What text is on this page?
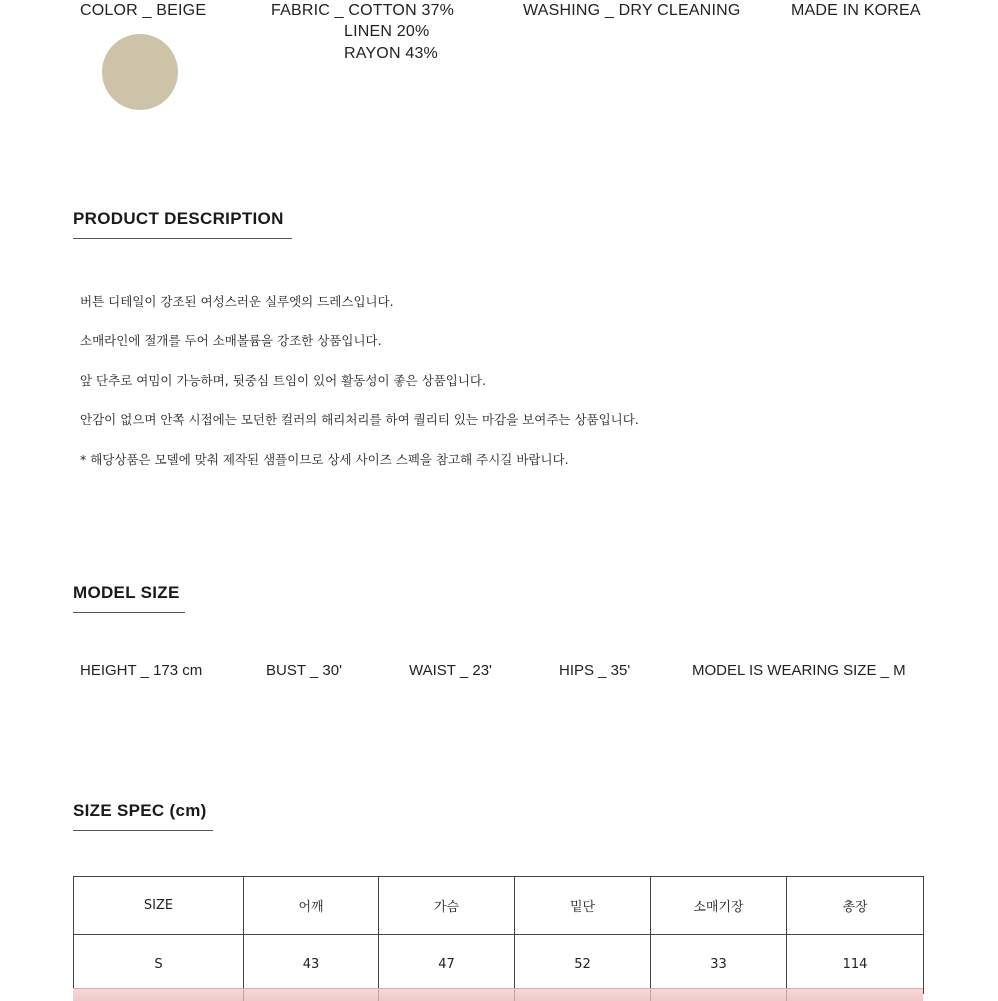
COLOR _ BEIGE	FABRIC _ COTTON 37%
LINEN 20%
RAYON 43%
WASHING _ DRY CLEANING	MADE IN KOREA
PRODUCT DESCRIPTION
버튼 디테일이 강조된 여성스러운 실루엣의 드레스입니다.
소매라인에 절개를 두어 소매볼륨을 강조한 상품입니다.
앞 단추로 여밈이 가능하며, 뒷중심 트임이 있어 활동성이 좋은 상품입니다.
안감이 없으며 안쪽 시접에는 모던한 컬러의 해리처리를 하여 퀄리티 있는 마감을 보여주는 상품입니다.
* 해당상품은 모델에 맞춰 제작된 샘플이므로 상세 사이즈 스펙을 참고해 주시길 바랍니다.
MODEL SIZE
HEIGHT _ 173 cm	BUST _ 30'	WAIST _ 23'	HIPS _ 35'	MODEL IS WEARING SIZE _ M
SIZE SPEC (cm)
SIZE	어깨	가슴	밑단	소매기장	총장
S	43	47	52	33	114
